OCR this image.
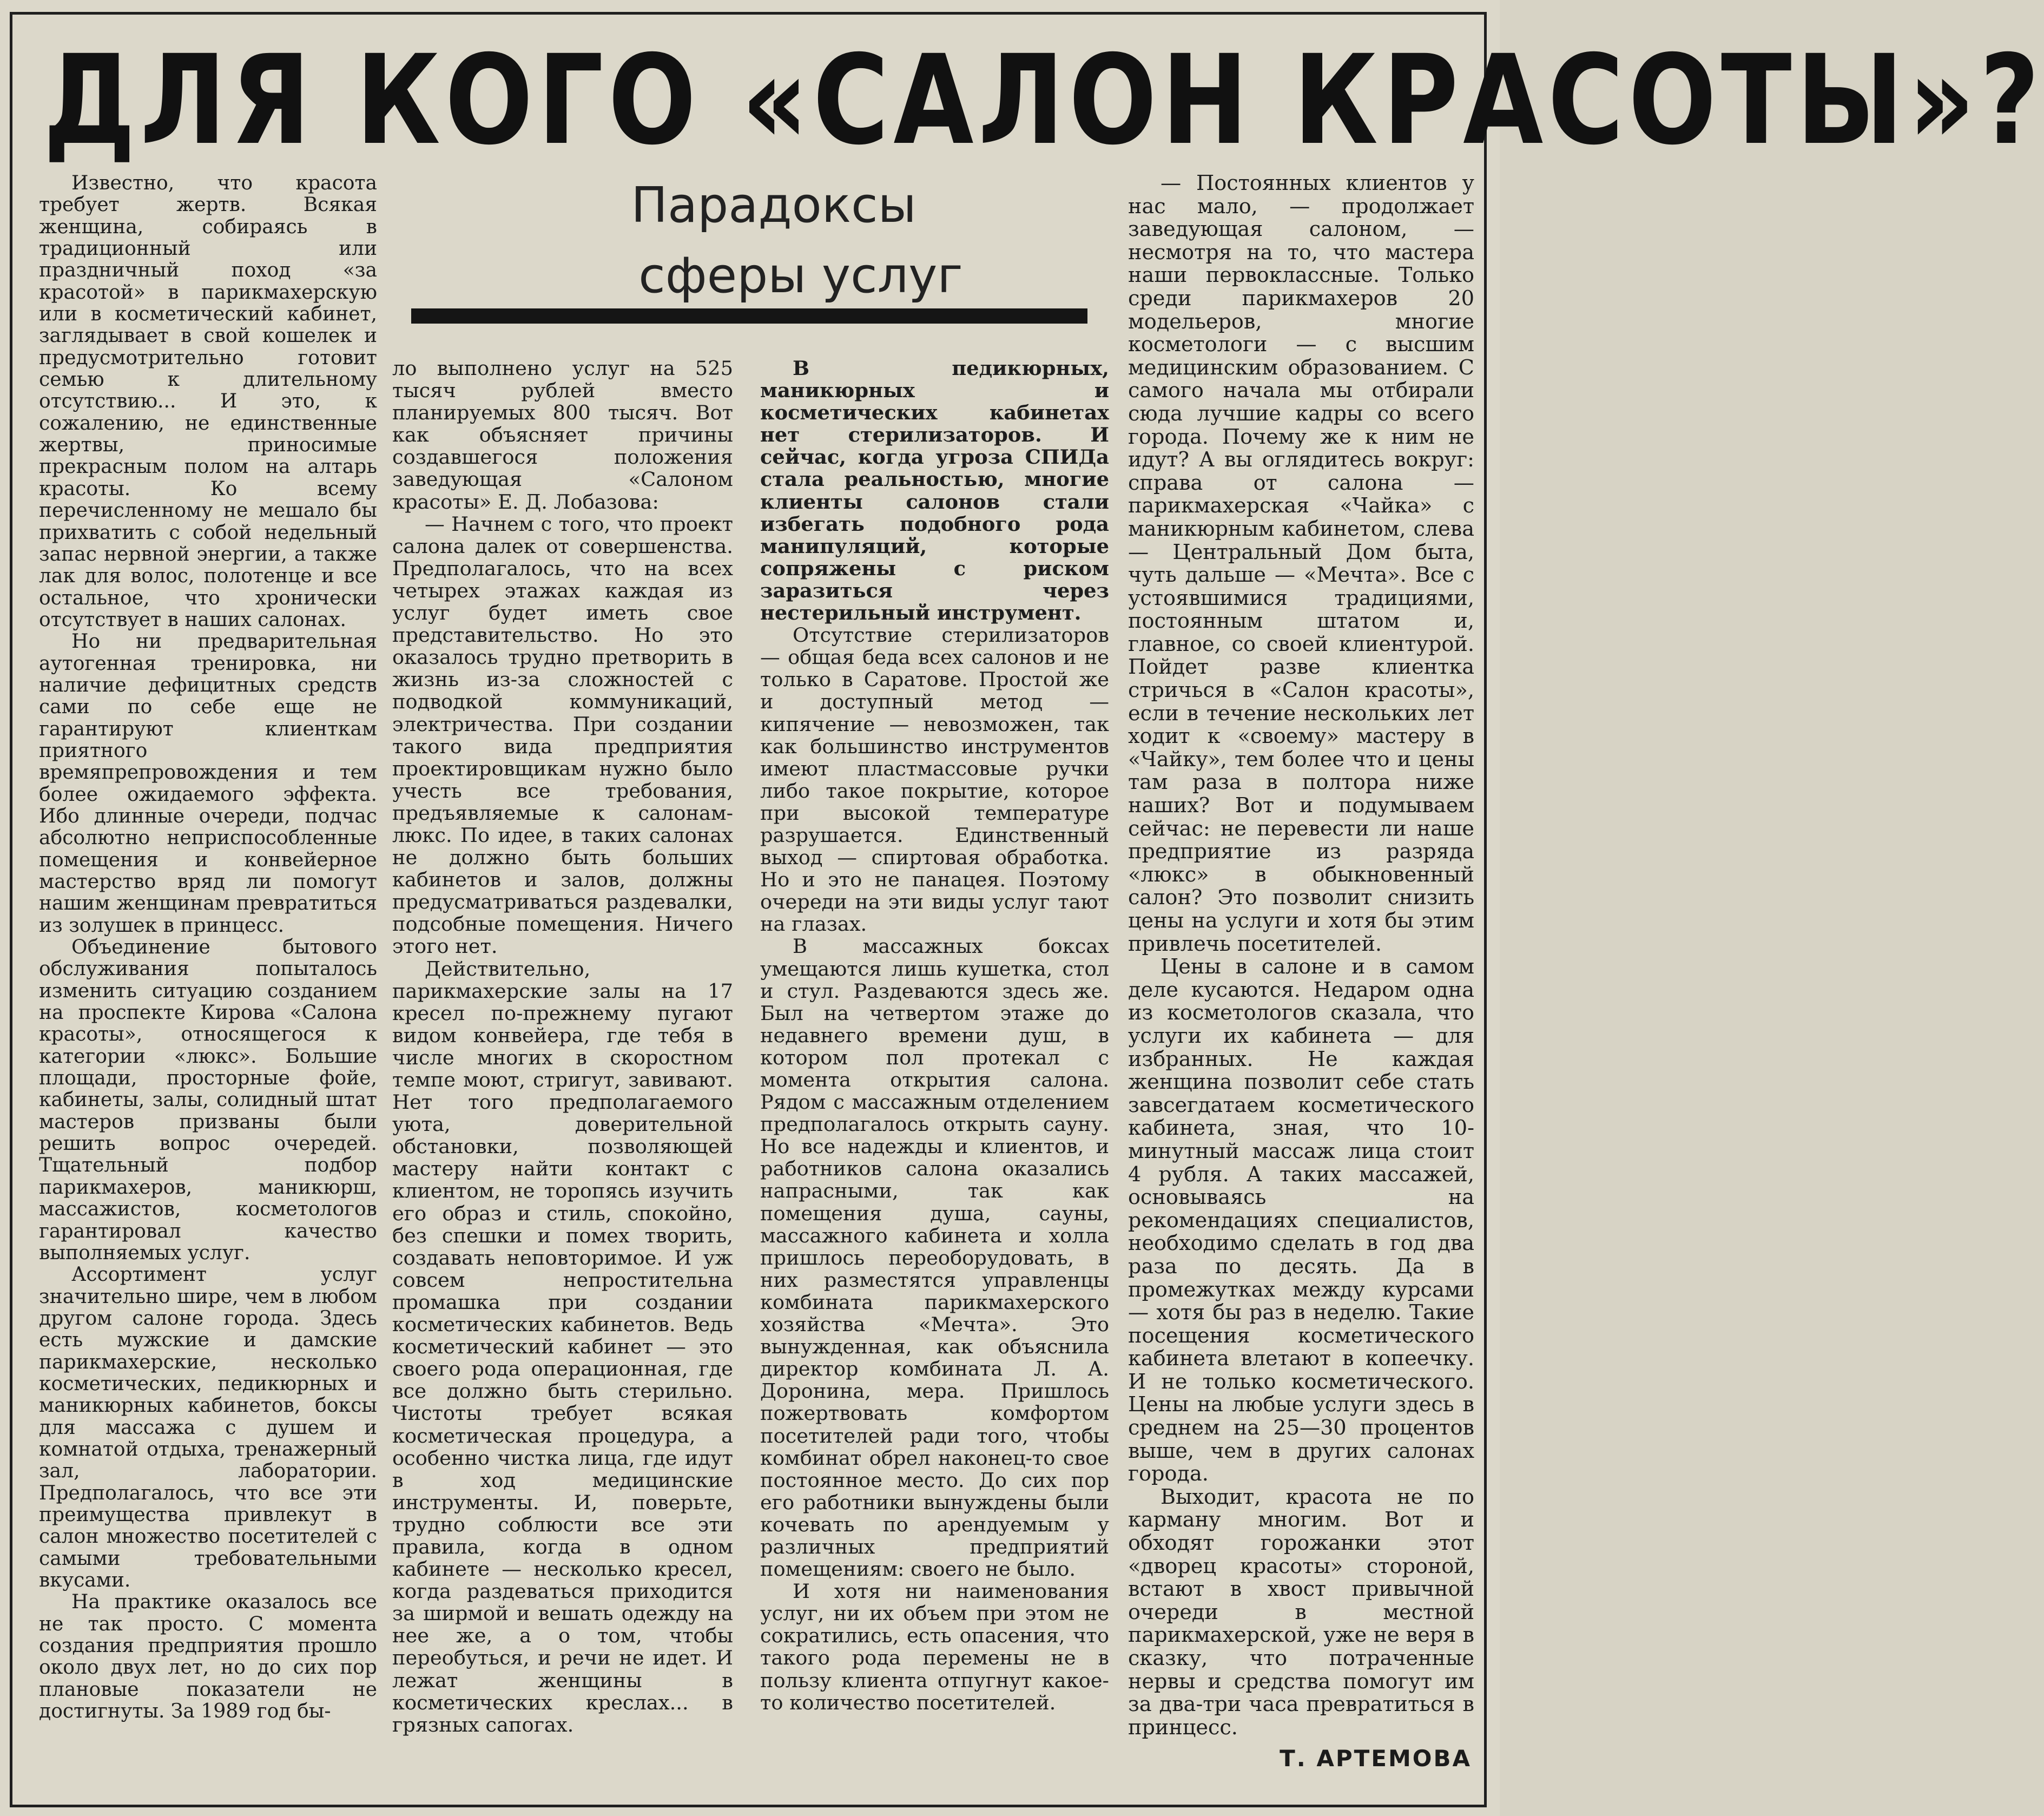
ДЛЯ КОГО «САЛОН КРАСОТЫ»?
Парадоксы
сферы услуг

Известно, что красота требует жертв. Всякая женщина, собираясь в традиционный или праздничный поход «за красотой» в парикмахерскую или в косметический кабинет, заглядывает в свой кошелек и предусмотрительно готовит семью к длительному отсутствию... И это, к сожалению, не единственные жертвы, приносимые прекрасным полом на алтарь красоты. Ко всему перечисленному не мешало бы прихватить с собой недельный запас нервной энергии, а также лак для волос, полотенце и все остальное, что хронически отсутствует в наших салонах.

Но ни предварительная аутогенная тренировка, ни наличие дефицитных средств сами по себе еще не гарантируют клиенткам приятного времяпрепровождения и тем более ожидаемого эффекта. Ибо длинные очереди, подчас абсолютно неприспособленные помещения и конвейерное мастерство вряд ли помогут нашим женщинам превратиться из золушек в принцесс.

Объединение бытового обслуживания попыталось изменить ситуацию созданием на проспекте Кирова «Салона красоты», относящегося к категории «люкс». Большие площади, просторные фойе, кабинеты, залы, солидный штат мастеров призваны были решить вопрос очередей. Тщательный подбор парикмахеров, маникюрш, массажистов, косметологов гарантировал качество выполняемых услуг.

Ассортимент услуг значительно шире, чем в любом другом салоне города. Здесь есть мужские и дамские парикмахерские, несколько косметических, педикюрных и маникюрных кабинетов, боксы для массажа с душем и комнатой отдыха, тренажерный зал, лаборатории. Предполагалось, что все эти преимущества привлекут в салон множество посетителей с самыми требовательными вкусами.

На практике оказалось все не так просто. С момента создания предприятия прошло около двух лет, но до сих пор плановые показатели не достигнуты. За 1989 год бы-

ло выполнено услуг на 525 тысяч рублей вместо планируемых 800 тысяч. Вот как объясняет причины создавшегося положения заведующая «Салоном красоты» Е. Д. Лобазова:

— Начнем с того, что проект салона далек от совершенства. Предполагалось, что на всех четырех этажах каждая из услуг будет иметь свое представительство. Но это оказалось трудно претворить в жизнь из-за сложностей с подводкой коммуникаций, электричества. При создании такого вида предприятия проектировщикам нужно было учесть все требования, предъявляемые к салонам-люкс. По идее, в таких салонах не должно быть больших кабинетов и залов, должны предусматриваться раздевалки, подсобные помещения. Ничего этого нет.

Действительно, парикмахерские залы на 17 кресел по-прежнему пугают видом конвейера, где тебя в числе многих в скоростном темпе моют, стригут, завивают. Нет того предполагаемого уюта, доверительной обстановки, позволяющей мастеру найти контакт с клиентом, не торопясь изучить его образ и стиль, спокойно, без спешки и помех творить, создавать неповторимое. И уж совсем непростительна промашка при создании косметических кабинетов. Ведь косметический кабинет — это своего рода операционная, где все должно быть стерильно. Чистоты требует всякая косметическая процедура, а особенно чистка лица, где идут в ход медицинские инструменты. И, поверьте, трудно соблюсти все эти правила, когда в одном кабинете — несколько кресел, когда раздеваться приходится за ширмой и вешать одежду на нее же, а о том, чтобы переобуться, и речи не идет. И лежат женщины в косметических креслах... в грязных сапогах.

В педикюрных, маникюрных и косметических кабинетах нет стерилизаторов. И сейчас, когда угроза СПИДа стала реальностью, многие клиенты салонов стали избегать подобного рода манипуляций, которые сопряжены с риском заразиться через нестерильный инструмент.

Отсутствие стерилизаторов — общая беда всех салонов и не только в Саратове. Простой же и доступный метод — кипячение — невозможен, так как большинство инструментов имеют пластмассовые ручки либо такое покрытие, которое при высокой температуре разрушается. Единственный выход — спиртовая обработка. Но и это не панацея. Поэтому очереди на эти виды услуг тают на глазах.

В массажных боксах умещаются лишь кушетка, стол и стул. Раздеваются здесь же. Был на четвертом этаже до недавнего времени душ, в котором пол протекал с момента открытия салона. Рядом с массажным отделением предполагалось открыть сауну. Но все надежды и клиентов, и работников салона оказались напрасными, так как помещения душа, сауны, массажного кабинета и холла пришлось переоборудовать, в них разместятся управленцы комбината парикмахерского хозяйства «Мечта». Это вынужденная, как объяснила директор комбината Л. А. Доронина, мера. Пришлось пожертвовать комфортом посетителей ради того, чтобы комбинат обрел наконец-то свое постоянное место. До сих пор его работники вынуждены были кочевать по арендуемым у различных предприятий помещениям: своего не было.

И хотя ни наименования услуг, ни их объем при этом не сократились, есть опасения, что такого рода перемены не в пользу клиента отпугнут какое-то количество посетителей.

— Постоянных клиентов у нас мало, — продолжает заведующая салоном, — несмотря на то, что мастера наши первоклассные. Только среди парикмахеров 20 модельеров, многие косметологи — с высшим медицинским образованием. С самого начала мы отбирали сюда лучшие кадры со всего города. Почему же к ним не идут? А вы оглядитесь вокруг: справа от салона — парикмахерская «Чайка» с маникюрным кабинетом, слева — Центральный Дом быта, чуть дальше — «Мечта». Все с устоявшимися традициями, постоянным штатом и, главное, со своей клиентурой. Пойдет разве клиентка стричься в «Салон красоты», если в течение нескольких лет ходит к «своему» мастеру в «Чайку», тем более что и цены там раза в полтора ниже наших? Вот и подумываем сейчас: не перевести ли наше предприятие из разряда «люкс» в обыкновенный салон? Это позволит снизить цены на услуги и хотя бы этим привлечь посетителей.

Цены в салоне и в самом деле кусаются. Недаром одна из косметологов сказала, что услуги их кабинета — для избранных. Не каждая женщина позволит себе стать завсегдатаем косметического кабинета, зная, что 10-минутный массаж лица стоит 4 рубля. А таких массажей, основываясь на рекомендациях специалистов, необходимо сделать в год два раза по десять. Да в промежутках между курсами — хотя бы раз в неделю. Такие посещения косметического кабинета влетают в копеечку. И не только косметического. Цены на любые услуги здесь в среднем на 25—30 процентов выше, чем в других салонах города.

Выходит, красота не по карману многим. Вот и обходят горожанки этот «дворец красоты» стороной, встают в хвост привычной очереди в местной парикмахерской, уже не веря в сказку, что потраченные нервы и средства помогут им за два-три часа превратиться в принцесс.

Т. АРТЕМОВА
